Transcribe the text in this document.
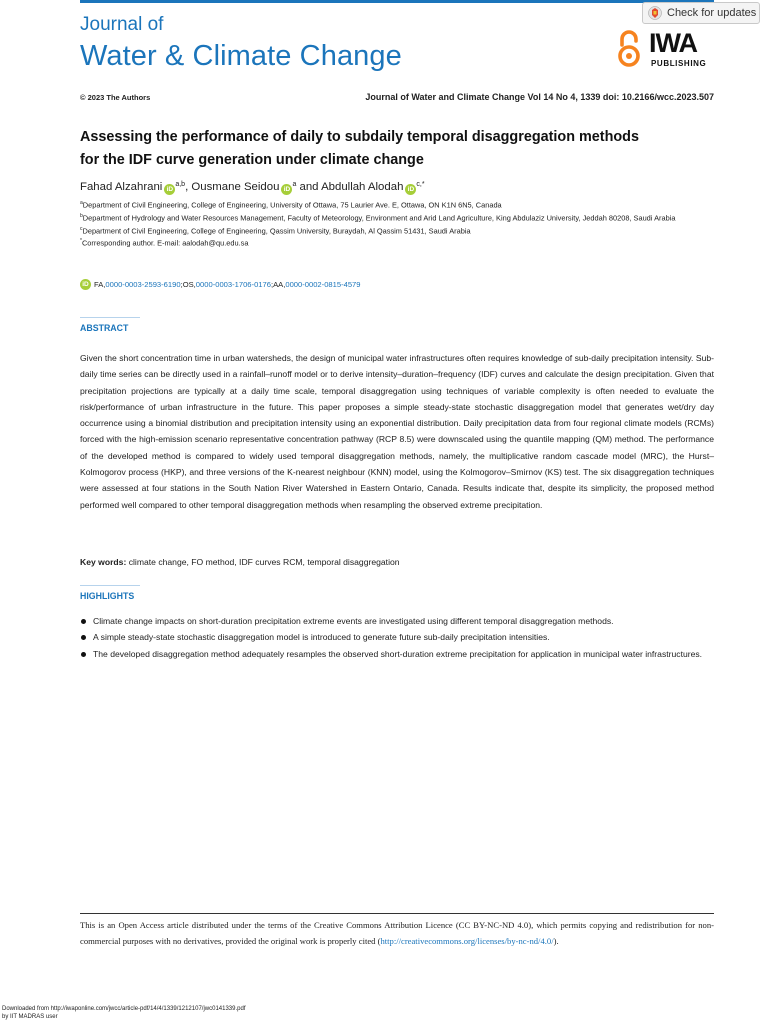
Journal of
Water & Climate Change
Check for updates
IWA
PUBLISHING
© 2023 The Authors	Journal of Water and Climate Change Vol 14 No 4, 1339 doi: 10.2166/wcc.2023.507
Assessing the performance of daily to subdaily temporal disaggregation methods
for the IDF curve generation under climate change
Fahad Alzahrani iD$^{a,b}$, Ousmane Seidou $iD^a$ and Abdullah Alodah $iD^{c,*}$

$^a$Department of Civil Engineering, College of Engineering, University of Ottawa, 75 Laurier Ave. E, Ottawa, ON K1N 6N5, Canada

$^b$Department of Hydrology and Water Resources Management, Faculty of Meteorology, Environment and Arid Land Agriculture, King Abdulaziz University, Jeddah 80208, Saudi Arabia

$^c$Department of Civil Engineering, College of Engineering, Qassim University, Buraydah, Al Qassim 51431, Saudi Arabia

*Corresponding author. E-mail: aalodah@qu.edu.sa

iD FA, 0000-0003-2593-6190 ; OS, 0000-0003-1706-0176 ; AA, 0000-0002-0815-4579
ABSTRACT
Given the short concentration time in urban watersheds, the design of municipal water infrastructures often requires knowledge of sub-daily precipitation intensity. Sub-daily time series can be directly used in a rainfall–runoff model or to derive intensity–duration–frequency (IDF) curves and calculate the design precipitation. Given that precipitation projections are typically at a daily time scale, temporal disaggregation using techniques of variable complexity is often needed to evaluate the risk/performance of urban infrastructure in the future. This paper proposes a simple steady-state stochastic disaggregation model that generates wet/dry day occurrence using a binomial distribution and precipitation intensity using an exponential distribution. Daily precipitation data from four regional climate models (RCMs) forced with the high-emission scenario representative concentration pathway (RCP 8.5) were downscaled using the quantile mapping (QM) method. The performance of the developed method is compared to widely used temporal disaggregation methods, namely, the multiplicative random cascade model (MRC), the Hurst–Kolmogorov process (HKP), and three versions of the K-nearest neighbour (KNN) model, using the Kolmogorov–Smirnov (KS) test. The six disaggregation techniques were assessed at four stations in the South Nation River Watershed in Eastern Ontario, Canada. Results indicate that, despite its simplicity, the proposed method performed well compared to other temporal disaggregation methods when resampling the observed extreme precipitation.
Key words: climate change, FO method, IDF curves RCM, temporal disaggregation
HIGHLIGHTS
Climate change impacts on short-duration precipitation extreme events are investigated using different temporal disaggregation methods.
A simple steady-state stochastic disaggregation model is introduced to generate future sub-daily precipitation intensities.
The developed disaggregation method adequately resamples the observed short-duration extreme precipitation for application in municipal water infrastructures.
This is an Open Access article distributed under the terms of the Creative Commons Attribution Licence (CC BY-NC-ND 4.0), which permits copying and redistribution for non-commercial purposes with no derivatives, provided the original work is properly cited (http://creativecommons.org/licenses/by-nc-nd/4.0/).
Downloaded from http://iwaponline.com/jwcc/article-pdf/14/4/1339/1212107/jwc0141339.pdf
by IIT MADRAS user
